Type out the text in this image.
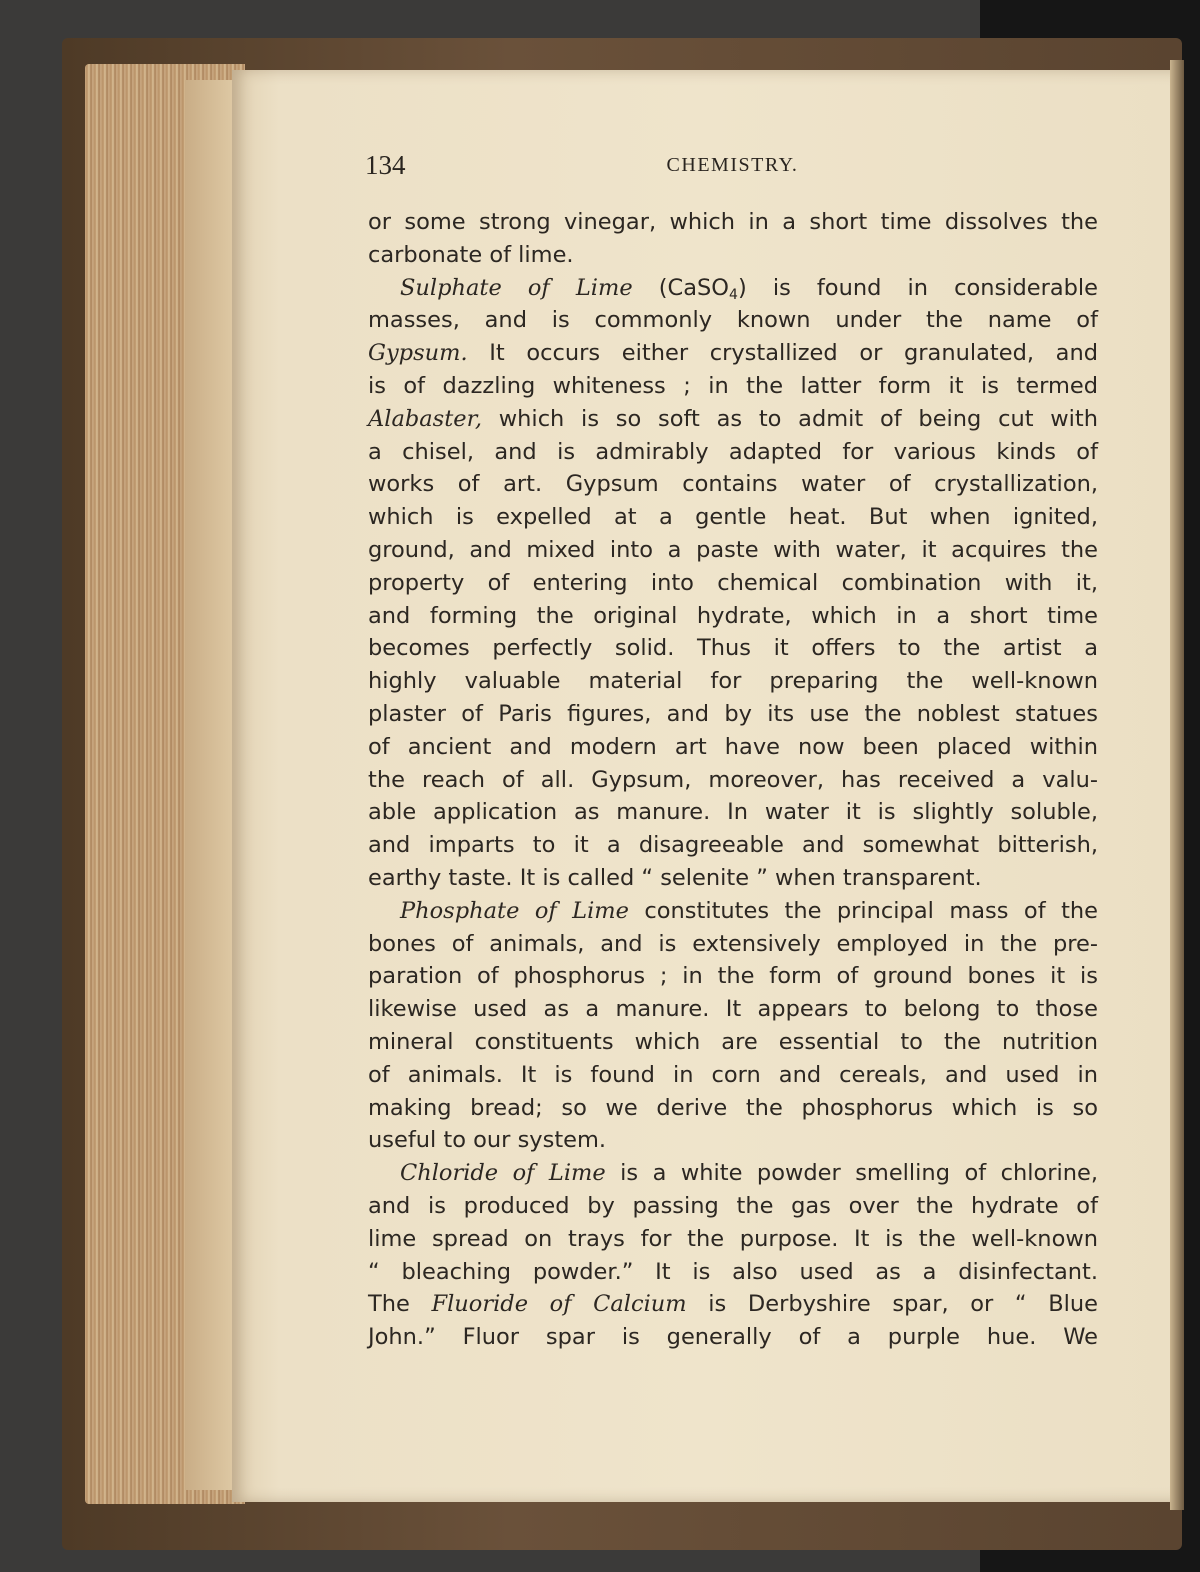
134	CHEMISTRY.
or some strong vinegar, which in a short time dissolves the
carbonate of lime.
Sulphate of Lime (CaSO$_4$) is found in considerable
masses, and is commonly known under the name of
Gypsum. It occurs either crystallized or granulated, and
is of dazzling whiteness ; in the latter form it is termed
Alabaster, which is so soft as to admit of being cut with
a chisel, and is admirably adapted for various kinds of
works of art. Gypsum contains water of crystallization,
which is expelled at a gentle heat. But when ignited,
ground, and mixed into a paste with water, it acquires the
property of entering into chemical combination with it,
and forming the original hydrate, which in a short time
becomes perfectly solid. Thus it offers to the artist a
highly valuable material for preparing the well-known
plaster of Paris figures, and by its use the noblest statues
of ancient and modern art have now been placed within
the reach of all. Gypsum, moreover, has received a valu-
able application as manure. In water it is slightly soluble,
and imparts to it a disagreeable and somewhat bitterish,
earthy taste. It is called “ selenite ” when transparent.
Phosphate of Lime constitutes the principal mass of the
bones of animals, and is extensively employed in the pre-
paration of phosphorus ; in the form of ground bones it is
likewise used as a manure. It appears to belong to those
mineral constituents which are essential to the nutrition
of animals. It is found in corn and cereals, and used in
making bread; so we derive the phosphorus which is so
useful to our system.
Chloride of Lime is a white powder smelling of chlorine,
and is produced by passing the gas over the hydrate of
lime spread on trays for the purpose. It is the well-known
“ bleaching powder.” It is also used as a disinfectant.
The Fluoride of Calcium is Derbyshire spar, or “ Blue
John.” Fluor spar is generally of a purple hue. We
